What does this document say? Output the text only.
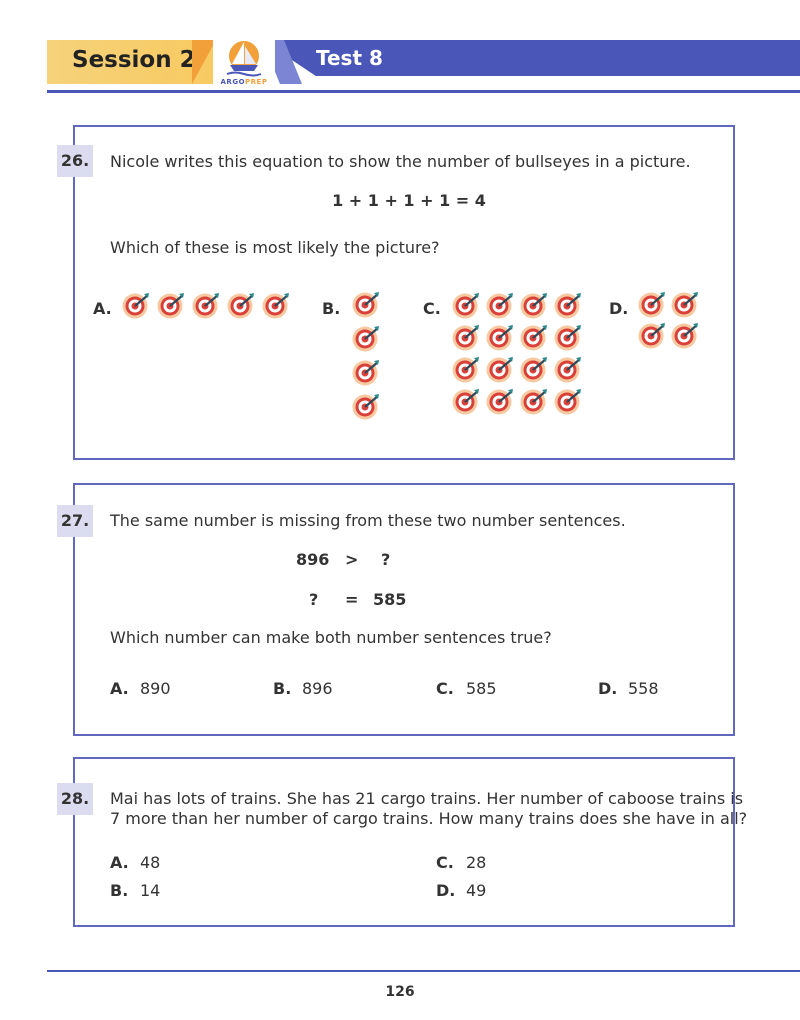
Session 2
ARGOPREP
Test 8
26. Nicole writes this equation to show the number of bullseyes in a picture.
1 + 1 + 1 + 1 = 4
Which of these is most likely the picture?
A.	B.	C.	D.
27. The same number is missing from these two number sentences.
896 > ?
? = 585
Which number can make both number sentences true?
A. 890	B. 896	C. 585	D. 558
28. Mai has lots of trains. She has 21 cargo trains. Her number of caboose trains is
7 more than her number of cargo trains. How many trains does she have in all?
A. 48
B. 14
C. 28
D. 49
126
